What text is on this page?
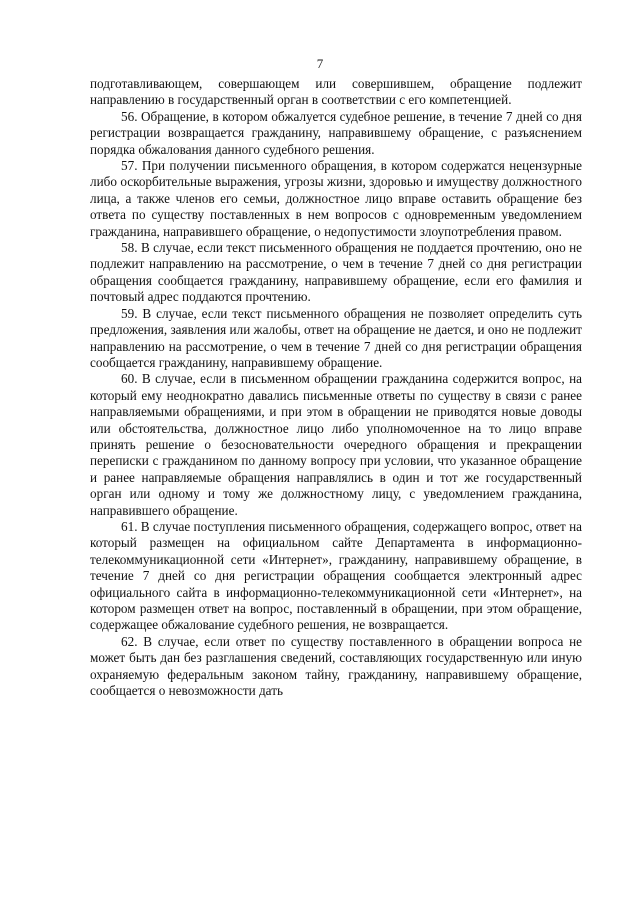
7

подготавливающем, совершающем или совершившем, обращение подлежит направлению в государственный орган в соответствии с его компетенцией.

56. Обращение, в котором обжалуется судебное решение, в течение 7 дней со дня регистрации возвращается гражданину, направившему обращение, с разъяснением порядка обжалования данного судебного решения.

57. При получении письменного обращения, в котором содержатся нецензурные либо оскорбительные выражения, угрозы жизни, здоровью и имуществу должностного лица, а также членов его семьи, должностное лицо вправе оставить обращение без ответа по существу поставленных в нем вопросов с одновременным уведомлением гражданина, направившего обращение, о недопустимости злоупотребления правом.

58. В случае, если текст письменного обращения не поддается прочтению, оно не подлежит направлению на рассмотрение, о чем в течение 7 дней со дня регистрации обращения сообщается гражданину, направившему обращение, если его фамилия и почтовый адрес поддаются прочтению.

59. В случае, если текст письменного обращения не позволяет определить суть предложения, заявления или жалобы, ответ на обращение не дается, и оно не подлежит направлению на рассмотрение, о чем в течение 7 дней со дня регистрации обращения сообщается гражданину, направившему обращение.

60. В случае, если в письменном обращении гражданина содержится вопрос, на который ему неоднократно давались письменные ответы по существу в связи с ранее направляемыми обращениями, и при этом в обращении не приводятся новые доводы или обстоятельства, должностное лицо либо уполномоченное на то лицо вправе принять решение о безосновательности очередного обращения и прекращении переписки с гражданином по данному вопросу при условии, что указанное обращение и ранее направляемые обращения направлялись в один и тот же государственный орган или одному и тому же должностному лицу, с уведомлением гражданина, направившего обращение.

61. В случае поступления письменного обращения, содержащего вопрос, ответ на который размещен на официальном сайте Департамента в информационно-телекоммуникационной сети «Интернет», гражданину, направившему обращение, в течение 7 дней со дня регистрации обращения сообщается электронный адрес официального сайта в информационно-телекоммуникационной сети «Интернет», на котором размещен ответ на вопрос, поставленный в обращении, при этом обращение, содержащее обжалование судебного решения, не возвращается.

62. В случае, если ответ по существу поставленного в обращении вопроса не может быть дан без разглашения сведений, составляющих государственную или иную охраняемую федеральным законом тайну, гражданину, направившему обращение, сообщается о невозможности дать
